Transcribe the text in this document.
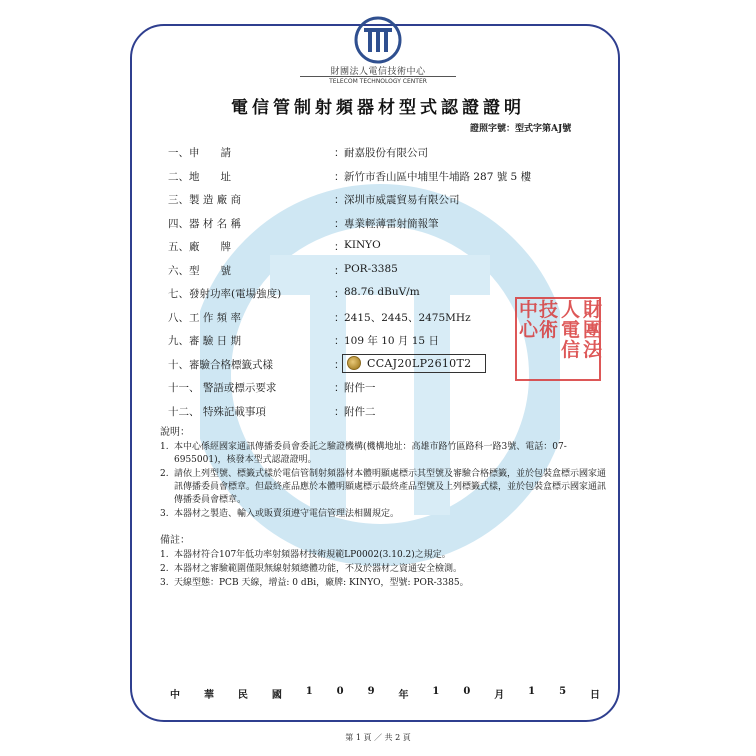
財團法人電信技術中心
TELECOM TECHNOLOGY CENTER
電信管制射頻器材型式認證證明
證照字號：型式字第AJ號
一、申　　請	： 耐嘉股份有限公司
二、地　　址	： 新竹市香山區中埔里牛埔路 287 號 5 樓
三、製 造 廠 商	： 深圳市威震貿易有限公司
四、器 材 名 稱	： 專業輕薄雷射簡報筆
五、廠　　牌	： KINYO
六、型　　號	： POR-3385
七、發射功率(電場強度)	： 88.76 dBuV/m
八、工 作 頻 率	： 2415、2445、2475MHz
九、審 驗 日 期	： 109 年 10 月 15 日
十、審驗合格標籤式樣	： CCAJ20LP2610T2
十一、 警語或標示要求	： 附件一
十二、 特殊記載事項	： 附件二
財
團
法
人
電
信
技
術
中
心
說明：
1. 本中心係經國家通訊傳播委員會委託之驗證機構(機構地址：高雄市路竹區路科一路3號、電話：07-6955001)，核發本型式認證證明。
2. 請依上列型號、標籤式樣於電信管制射頻器材本體明顯處標示其型號及審驗合格標籤，並於包裝盒標示國家通訊傳播委員會標章。但最終產品應於本體明顯處標示最終產品型號及上列標籤式樣，並於包裝盒標示國家通訊傳播委員會標章。
3. 本器材之製造、輸入或販賣須遵守電信管理法相關規定。
備註：
1. 本器材符合107年低功率射頻器材技術規範LP0002(3.10.2)之規定。
2. 本器材之審驗範圍僅限無線射頻總體功能，不及於器材之資通安全檢測。
3. 天線型態：PCB 天線，增益: 0 dBi，廠牌: KINYO，型號: POR-3385。
中 華 民 國 1 0 9 年 1 0 月 1 5 日
第 1 頁 ／ 共 2 頁
